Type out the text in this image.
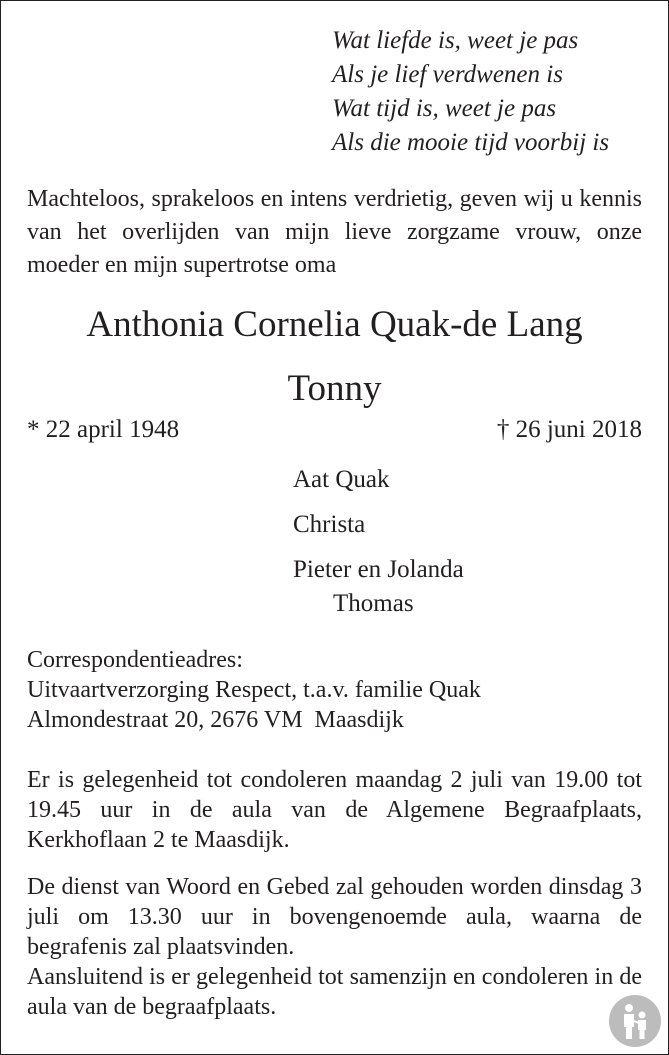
Wat liefde is, weet je pas
Als je lief verdwenen is
Wat tijd is, weet je pas
Als die mooie tijd voorbij is
Machteloos, sprakeloos en intens verdrietig, geven wij u kennis van het overlijden van mijn lieve zorgzame vrouw, onze moeder en mijn supertrotse oma
Anthonia Cornelia Quak-de Lang
Tonny
* 22 april 1948	† 26 juni 2018
Aat Quak
Christa
Pieter en Jolanda
Thomas
Correspondentieadres:
Uitvaartverzorging Respect, t.a.v. familie Quak
Almondestraat 20, 2676 VM  Maasdijk
Er is gelegenheid tot condoleren maandag 2 juli van 19.00 tot 19.45 uur in de aula van de Algemene Begraafplaats, Kerkhoflaan 2 te Maasdijk.
De dienst van Woord en Gebed zal gehouden worden dinsdag 3 juli om 13.30 uur in bovengenoemde aula, waarna de begrafenis zal plaatsvinden.
Aansluitend is er gelegenheid tot samenzijn en condoleren in de aula van de begraafplaats.
